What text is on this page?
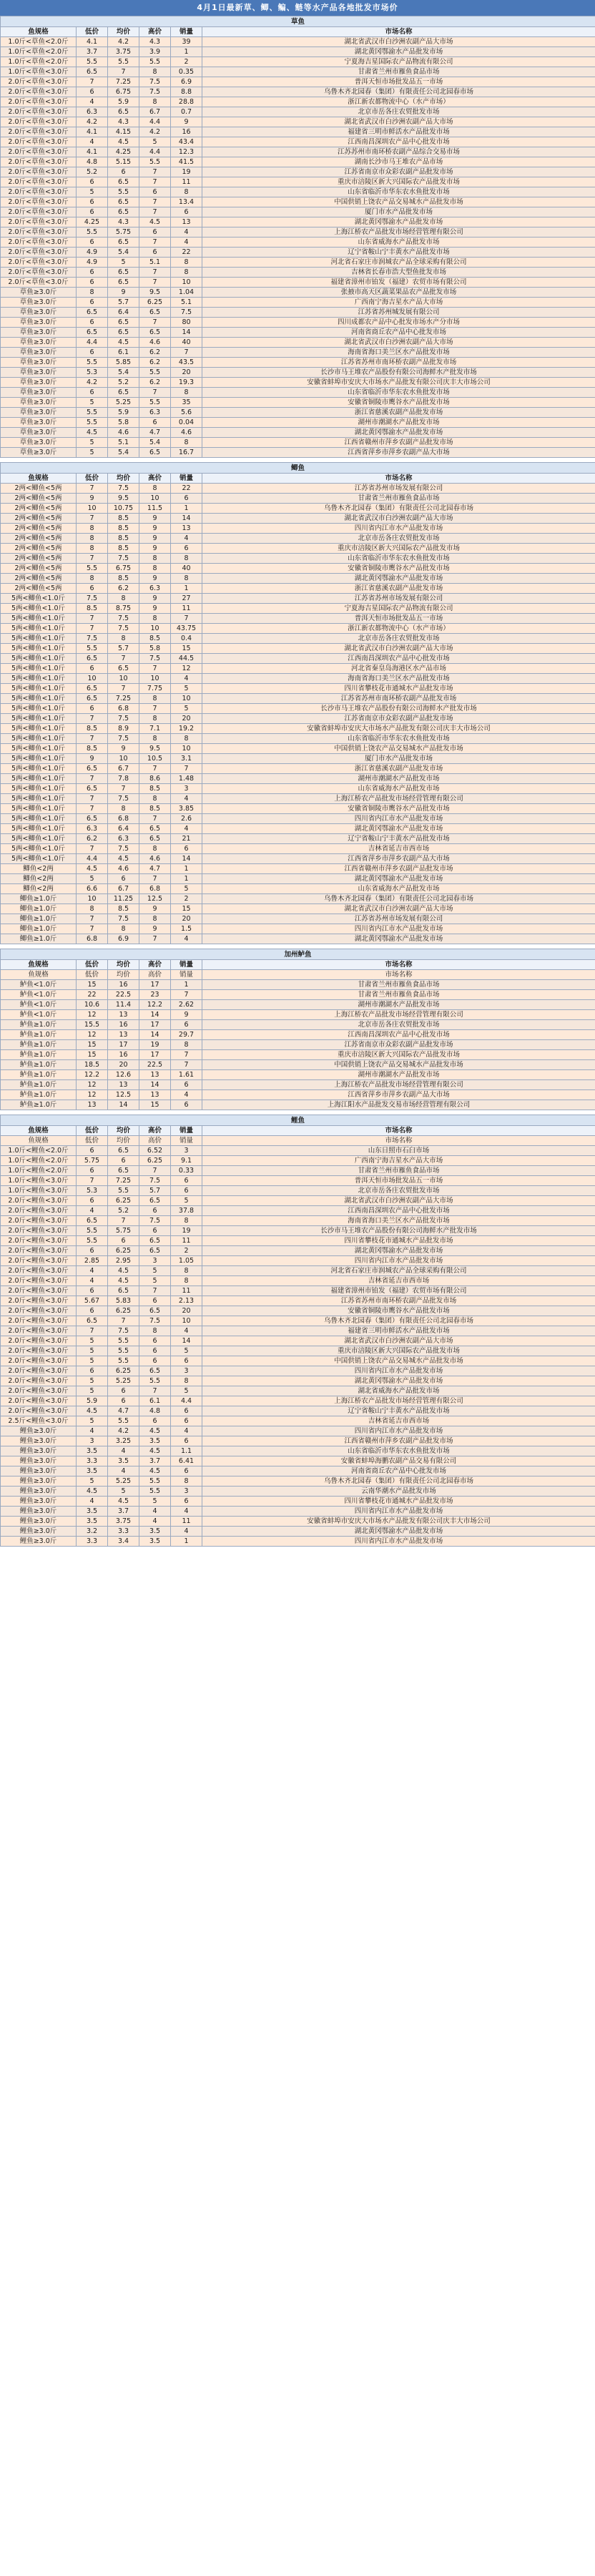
4月1日最新草、鲫、鳊、鲢等水产品各地批发市场价
草鱼					
鱼规格	低价	均价	高价	销量	市场名称
1.0斤<草鱼<2.0斤	4.1	4.2	4.3	39	湖北省武汉市白沙洲农副产品大市场
1.0斤<草鱼<2.0斤	3.7	3.75	3.9	1	湖北黄冈鄂渝水产品批发市场
1.0斤<草鱼<2.0斤	5.5	5.5	5.5	2	宁夏海吉星国际农产品物流有限公司
1.0斤<草鱼<3.0斤	6.5	7	8	0.35	甘肃省兰州市雁鱼食品市场
2.0斤<草鱼<3.0斤	7	7.25	7.5	6.9	普洱天恒市场批发品五一市场
2.0斤<草鱼<3.0斤	6	6.75	7.5	8.8	乌鲁木齐北园春（集团）有限责任公司北园春市场
2.0斤<草鱼<3.0斤	4	5.9	8	28.8	浙江新农都物流中心（水产市场）
2.0斤<草鱼<3.0斤	6.3	6.5	6.7	0.7	北京市岳各庄农贸批发市场
2.0斤<草鱼<3.0斤	4.2	4.3	4.4	9	湖北省武汉市白沙洲农副产品大市场
2.0斤<草鱼<3.0斤	4.1	4.15	4.2	16	福建省三明市鲜活水产品批发市场
2.0斤<草鱼<3.0斤	4	4.5	5	43.4	江西南昌深圳农产品中心批发市场
2.0斤<草鱼<3.0斤	4.1	4.25	4.4	12.3	江苏苏州市南环桥农副产品综合交易市场
2.0斤<草鱼<3.0斤	4.8	5.15	5.5	41.5	湖南长沙市马王堆农产品市场
2.0斤<草鱼<3.0斤	5.2	6	7	19	江苏省南京市众彩农副产品批发市场
2.0斤<草鱼<3.0斤	6	6.5	7	11	重庆市涪陵区新大兴国际农产品批发市场
2.0斤<草鱼<3.0斤	5	5.5	6	8	山东省临沂市华东农水鱼批发市场
2.0斤<草鱼<3.0斤	6	6.5	7	13.4	中国供销上饶农产品交易城水产品批发市场
2.0斤<草鱼<3.0斤	6	6.5	7	6	厦门市水产品批发市场
2.0斤<草鱼<3.0斤	4.25	4.3	4.5	13	湖北黄冈鄂渝水产品批发市场
2.0斤<草鱼<3.0斤	5.5	5.75	6	4	上海江桥农产品批发市场经营管理有限公司
2.0斤<草鱼<3.0斤	6	6.5	7	4	山东省威海水产品批发市场
2.0斤<草鱼<3.0斤	4.9	5.4	6	22	辽宁省鞍山宁丰黄水产品批发市场
2.0斤<草鱼<3.0斤	4.9	5	5.1	8	河北省石家庄市润城农产品全球采购有限公司
2.0斤<草鱼<3.0斤	6	6.5	7	8	吉林省长春市浩大型鱼批发市场
2.0斤<草鱼<3.0斤	6	6.5	7	10	福建省漳州市铂发（福建）农贸市场有限公司
草鱼≥3.0斤	8	9	9.5	1.04	张掖市高天区蔬菜果品农产品批发市场
草鱼≥3.0斤	6	5.7	6.25	5.1	广西南宁海吉星水产品大市场
草鱼≥3.0斤	6.5	6.4	6.5	7.5	江苏省苏州城发展有限公司
草鱼≥3.0斤	6	6.5	7	80	四川成都农产品中心批发市场水产分市场
草鱼≥3.0斤	6.5	6.5	6.5	14	河南省商丘农产品中心批发市场
草鱼≥3.0斤	4.4	4.5	4.6	40	湖北省武汉市白沙洲农副产品大市场
草鱼≥3.0斤	6	6.1	6.2	7	海南省海口美兰区水产品批发市场
草鱼≥3.0斤	5.5	5.85	6.2	43.5	江苏省苏州市南环桥农副产品批发市场
草鱼≥3.0斤	5.3	5.4	5.5	20	长沙市马王堆农产品股份有限公司海鲜水产批发市场
草鱼≥3.0斤	4.2	5.2	6.2	19.3	安徽省蚌埠市安庆大市场水产品批发有限公司庆丰大市场公司
草鱼≥3.0斤	6	6.5	7	8	山东省临沂市华东农水鱼批发市场
草鱼≥3.0斤	5	5.25	5.5	35	安徽省铜陵市鹰谷水产品批发市场
草鱼≥3.0斤	5.5	5.9	6.3	5.6	浙江省慈溪农副产品批发市场
草鱼≥3.0斤	5.5	5.8	6	0.04	湖州市潮湖水产品批发市场
草鱼≥3.0斤	4.5	4.6	4.7	4.6	湖北黄冈鄂渝水产品批发市场
草鱼≥3.0斤	5	5.1	5.4	8	江西省赣州市萍乡农副产品批发市场
草鱼≥3.0斤	5	5.4	6.5	16.7	江西省萍乡市萍乡农副产品大市场
鲫鱼					
鱼规格	低价	均价	高价	销量	市场名称
2两<鲫鱼<5两	7	7.5	8	22	江苏省苏州市场发展有限公司
2两<鲫鱼<5两	9	9.5	10	6	甘肃省兰州市雁鱼食品市场
2两<鲫鱼<5两	10	10.75	11.5	1	乌鲁木齐北园春（集团）有限责任公司北园春市场
2两<鲫鱼<5两	7	8.5	9	14	湖北省武汉市白沙洲农副产品大市场
2两<鲫鱼<5两	8	8.5	9	13	四川省内江市水产品批发市场
2两<鲫鱼<5两	8	8.5	9	4	北京市岳各庄农贸批发市场
2两<鲫鱼<5两	8	8.5	9	6	重庆市涪陵区新大兴国际农产品批发市场
2两<鲫鱼<5两	7	7.5	8	8	山东省临沂市华东农水鱼批发市场
2两<鲫鱼<5两	5.5	6.75	8	40	安徽省铜陵市鹰谷水产品批发市场
2两<鲫鱼<5两	8	8.5	9	8	湖北黄冈鄂渝水产品批发市场
2两<鲫鱼<5两	6	6.2	6.3	1	浙江省慈溪农副产品批发市场
5两<鲫鱼<1.0斤	7.5	8	9	27	江苏省苏州市场发展有限公司
5两<鲫鱼<1.0斤	8.5	8.75	9	11	宁夏海吉星国际农产品物流有限公司
5两<鲫鱼<1.0斤	7	7.5	8	7	普洱天恒市场批发品五一市场
5两<鲫鱼<1.0斤	7	7.5	10	43.75	浙江新农都物流中心（水产市场）
5两<鲫鱼<1.0斤	7.5	8	8.5	0.4	北京市岳各庄农贸批发市场
5两<鲫鱼<1.0斤	5.5	5.7	5.8	15	湖北省武汉市白沙洲农副产品大市场
5两<鲫鱼<1.0斤	6.5	7	7.5	44.5	江西南昌深圳农产品中心批发市场
5两<鲫鱼<1.0斤	6	6.5	7	12	河北省秦皇岛海港区水产品市场
5两<鲫鱼<1.0斤	10	10	10	4	海南省海口美兰区水产品批发市场
5两<鲫鱼<1.0斤	6.5	7	7.75	5	四川省攀枝花市通城水产品批发市场
5两<鲫鱼<1.0斤	6.5	7.25	8	10	江苏省苏州市南环桥农副产品批发市场
5两<鲫鱼<1.0斤	6	6.8	7	5	长沙市马王堆农产品股份有限公司海鲜水产批发市场
5两<鲫鱼<1.0斤	7	7.5	8	20	江苏省南京市众彩农副产品批发市场
5两<鲫鱼<1.0斤	8.5	8.9	7.1	19.2	安徽省蚌埠市安庆大市场水产品批发有限公司庆丰大市场公司
5两<鲫鱼<1.0斤	7	7.5	8	8	山东省临沂市华东农水鱼批发市场
5两<鲫鱼<1.0斤	8.5	9	9.5	10	中国供销上饶农产品交易城水产品批发市场
5两<鲫鱼<1.0斤	9	10	10.5	3.1	厦门市水产品批发市场
5两<鲫鱼<1.0斤	6.5	6.7	7	7	浙江省慈溪农副产品批发市场
5两<鲫鱼<1.0斤	7	7.8	8.6	1.48	湖州市潮湖水产品批发市场
5两<鲫鱼<1.0斤	6.5	7	8.5	3	山东省威海水产品批发市场
5两<鲫鱼<1.0斤	7	7.5	8	4	上海江桥农产品批发市场经营管理有限公司
5两<鲫鱼<1.0斤	7	8	8.5	3.85	安徽省铜陵市鹰谷水产品批发市场
5两<鲫鱼<1.0斤	6.5	6.8	7	2.6	四川省内江市水产品批发市场
5两<鲫鱼<1.0斤	6.3	6.4	6.5	4	湖北黄冈鄂渝水产品批发市场
5两<鲫鱼<1.0斤	6.2	6.3	6.5	21	辽宁省鞍山宁丰黄水产品批发市场
5两<鲫鱼<1.0斤	7	7.5	8	6	吉林省延吉市西市场
5两<鲫鱼<1.0斤	4.4	4.5	4.6	14	江西省萍乡市萍乡农副产品大市场
鲫鱼<2两	4.5	4.6	4.7	1	江西省赣州市萍乡农副产品批发市场
鲫鱼<2两	5	6	7	1	湖北黄冈鄂渝水产品批发市场
鲫鱼<2两	6.6	6.7	6.8	5	山东省威海水产品批发市场
鲫鱼≥1.0斤	10	11.25	12.5	2	乌鲁木齐北园春（集团）有限责任公司北园春市场
鲫鱼≥1.0斤	8	8.5	9	15	湖北省武汉市白沙洲农副产品大市场
鲫鱼≥1.0斤	7	7.5	8	20	江苏省苏州市场发展有限公司
鲫鱼≥1.0斤	7	8	9	1.5	四川省内江市水产品批发市场
鲫鱼≥1.0斤	6.8	6.9	7	4	湖北黄冈鄂渝水产品批发市场
加州鲈鱼					
鱼规格	低价	均价	高价	销量	市场名称
鱼规格	低价	均价	高价	销量	市场名称
鲈鱼<1.0斤	15	16	17	1	甘肃省兰州市雁鱼食品市场
鲈鱼<1.0斤	22	22.5	23	7	甘肃省兰州市雁鱼食品市场
鲈鱼<1.0斤	10.6	11.4	12.2	2.62	湖州市潮湖水产品批发市场
鲈鱼<1.0斤	12	13	14	9	上海江桥农产品批发市场经营管理有限公司
鲈鱼≥1.0斤	15.5	16	17	6	北京市岳各庄农贸批发市场
鲈鱼≥1.0斤	12	13	14	29.7	江西南昌深圳农产品中心批发市场
鲈鱼≥1.0斤	15	17	19	8	江苏省南京市众彩农副产品批发市场
鲈鱼≥1.0斤	15	16	17	7	重庆市涪陵区新大兴国际农产品批发市场
鲈鱼≥1.0斤	18.5	20	22.5	7	中国供销上饶农产品交易城水产品批发市场
鲈鱼≥1.0斤	12.2	12.6	13	1.61	湖州市潮湖水产品批发市场
鲈鱼≥1.0斤	12	13	14	6	上海江桥农产品批发市场经营管理有限公司
鲈鱼≥1.0斤	12	12.5	13	4	江西省萍乡市萍乡农副产品大市场
鲈鱼≥1.0斤	13	14	15	6	上海江阳水产品批发交易市场经营管理有限公司
鲤鱼					
鱼规格	低价	均价	高价	销量	市场名称
鱼规格	低价	均价	高价	销量	市场名称
1.0斤<鲤鱼<2.0斤	6	6.5	6.52	3	山东日照市石臼市场
1.0斤<鲤鱼<2.0斤	5.75	6	6.25	9.1	广西南宁海吉星水产品大市场
1.0斤<鲤鱼<2.0斤	6	6.5	7	0.33	甘肃省兰州市雁鱼食品市场
1.0斤<鲤鱼<3.0斤	7	7.25	7.5	6	普洱天恒市场批发品五一市场
1.0斤<鲤鱼<3.0斤	5.3	5.5	5.7	6	北京市岳各庄农贸批发市场
2.0斤<鲤鱼<3.0斤	6	6.25	6.5	5	湖北省武汉市白沙洲农副产品大市场
2.0斤<鲤鱼<3.0斤	4	5.2	6	37.8	江西南昌深圳农产品中心批发市场
2.0斤<鲤鱼<3.0斤	6.5	7	7.5	8	海南省海口美兰区水产品批发市场
2.0斤<鲤鱼<3.0斤	5.5	5.75	6	19	长沙市马王堆农产品股份有限公司海鲜水产批发市场
2.0斤<鲤鱼<3.0斤	5.5	6	6.5	11	四川省攀枝花市通城水产品批发市场
2.0斤<鲤鱼<3.0斤	6	6.25	6.5	2	湖北黄冈鄂渝水产品批发市场
2.0斤<鲤鱼<3.0斤	2.85	2.95	3	1.05	四川省内江市水产品批发市场
2.0斤<鲤鱼<3.0斤	4	4.5	5	8	河北省石家庄市润城农产品全球采购有限公司
2.0斤<鲤鱼<3.0斤	4	4.5	5	8	吉林省延吉市西市场
2.0斤<鲤鱼<3.0斤	6	6.5	7	11	福建省漳州市铂发（福建）农贸市场有限公司
2.0斤<鲤鱼<3.0斤	5.67	5.83	6	2.13	江苏省苏州市南环桥农副产品批发市场
2.0斤<鲤鱼<3.0斤	6	6.25	6.5	20	安徽省铜陵市鹰谷水产品批发市场
2.0斤<鲤鱼<3.0斤	6.5	7	7.5	10	乌鲁木齐北园春（集团）有限责任公司北园春市场
2.0斤<鲤鱼<3.0斤	7	7.5	8	4	福建省三明市鲜活水产品批发市场
2.0斤<鲤鱼<3.0斤	5	5.5	6	14	湖北省武汉市白沙洲农副产品大市场
2.0斤<鲤鱼<3.0斤	5	5.5	6	5	重庆市涪陵区新大兴国际农产品批发市场
2.0斤<鲤鱼<3.0斤	5	5.5	6	6	中国供销上饶农产品交易城水产品批发市场
2.0斤<鲤鱼<3.0斤	6	6.25	6.5	3	四川省内江市水产品批发市场
2.0斤<鲤鱼<3.0斤	5	5.25	5.5	8	湖北黄冈鄂渝水产品批发市场
2.0斤<鲤鱼<3.0斤	5	6	7	5	湖北省威海水产品批发市场
2.0斤<鲤鱼<3.0斤	5.9	6	6.1	4.4	上海江桥农产品批发市场经营管理有限公司
2.0斤<鲤鱼<3.0斤	4.5	4.7	4.8	6	辽宁省鞍山宁丰黄水产品批发市场
2.5斤<鲤鱼<3.0斤	5	5.5	6	6	吉林省延吉市西市场
鲤鱼≥3.0斤	4	4.2	4.5	4	四川省内江市水产品批发市场
鲤鱼≥3.0斤	3	3.25	3.5	6	江西省赣州市萍乡农副产品批发市场
鲤鱼≥3.0斤	3.5	4	4.5	1.1	山东省临沂市华东农水鱼批发市场
鲤鱼≥3.0斤	3.3	3.5	3.7	6.41	安徽省蚌埠海鹏农副产品交易有限公司
鲤鱼≥3.0斤	3.5	4	4.5	6	河南省商丘农产品中心批发市场
鲤鱼≥3.0斤	5	5.25	5.5	8	乌鲁木齐北园春（集团）有限责任公司北园春市场
鲤鱼≥3.0斤	4.5	5	5.5	3	云南华潮水产品批发市场
鲤鱼≥3.0斤	4	4.5	5	6	四川省攀枝花市通城水产品批发市场
鲤鱼≥3.0斤	3.5	3.7	4	4	四川省内江市水产品批发市场
鲤鱼≥3.0斤	3.5	3.75	4	11	安徽省蚌埠市安庆大市场水产品批发有限公司庆丰大市场公司
鲤鱼≥3.0斤	3.2	3.3	3.5	4	湖北黄冈鄂渝水产品批发市场
鲤鱼≥3.0斤	3.3	3.4	3.5	1	四川省内江市水产品批发市场
